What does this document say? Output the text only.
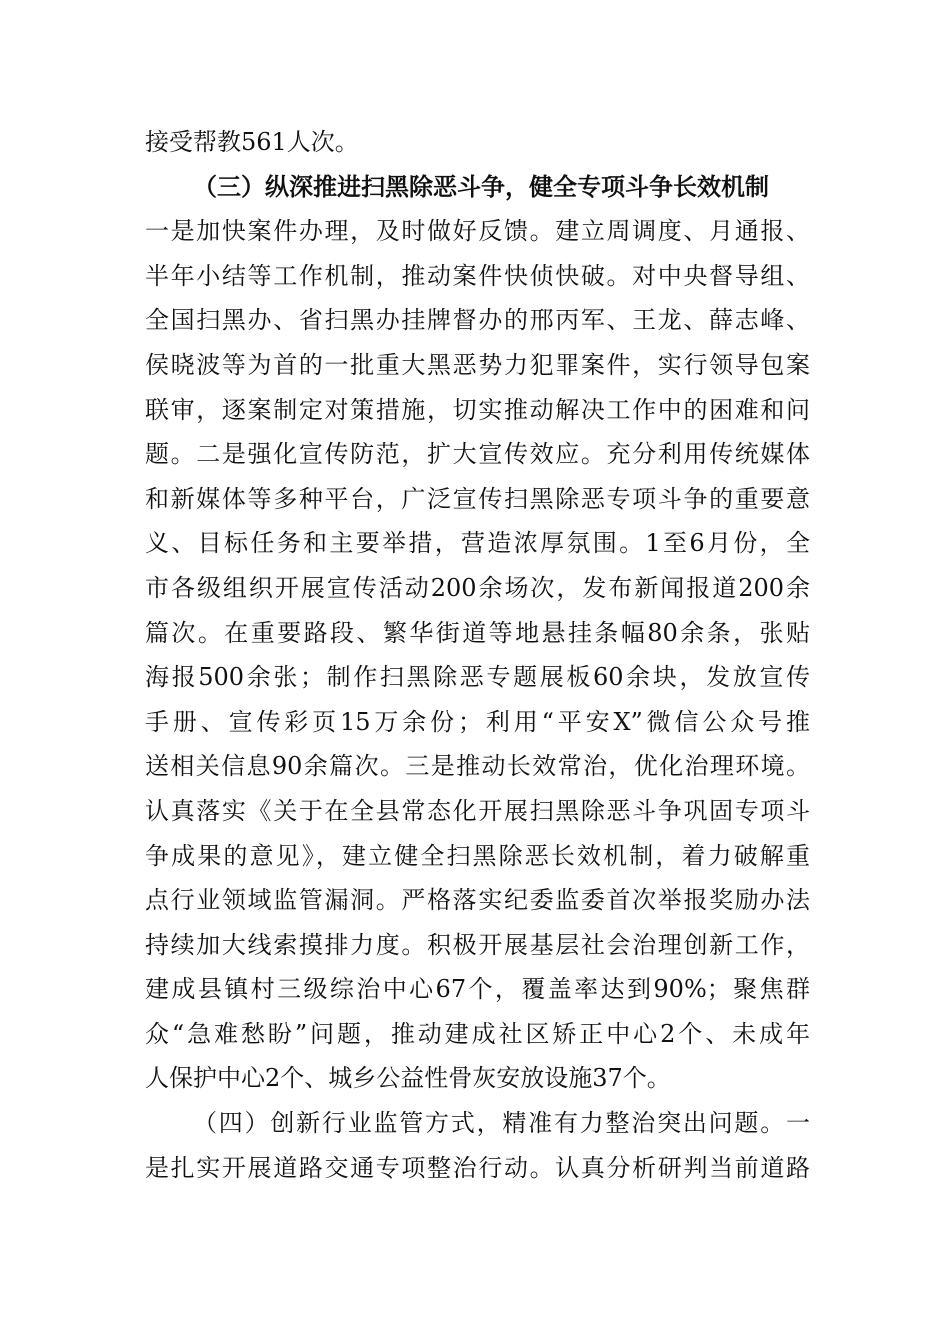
接受帮教561人次。
（三）纵深推进扫黑除恶斗争，健全专项斗争长效机制
一是加快案件办理，及时做好反馈。建立周调度、月通报、
半年小结等工作机制，推动案件快侦快破。对中央督导组、
全国扫黑办、省扫黑办挂牌督办的邢丙军、王龙、薛志峰、
侯晓波等为首的一批重大黑恶势力犯罪案件，实行领导包案
联审，逐案制定对策措施，切实推动解决工作中的困难和问
题。二是强化宣传防范，扩大宣传效应。充分利用传统媒体
和新媒体等多种平台，广泛宣传扫黑除恶专项斗争的重要意
义、目标任务和主要举措，营造浓厚氛围。1至6月份，全
市各级组织开展宣传活动200余场次，发布新闻报道200余
篇次。在重要路段、繁华街道等地悬挂条幅80余条，张贴
海报500余张；制作扫黑除恶专题展板60余块，发放宣传
手册、宣传彩页15万余份；利用“平安X”微信公众号推
送相关信息90余篇次。三是推动长效常治，优化治理环境。
认真落实《关于在全县常态化开展扫黑除恶斗争巩固专项斗
争成果的意见》，建立健全扫黑除恶长效机制，着力破解重
点行业领域监管漏洞。严格落实纪委监委首次举报奖励办法
持续加大线索摸排力度。积极开展基层社会治理创新工作，
建成县镇村三级综治中心67个，覆盖率达到90%；聚焦群
众“急难愁盼”问题，推动建成社区矫正中心2个、未成年
人保护中心2个、城乡公益性骨灰安放设施37个。
（四）创新行业监管方式，精准有力整治突出问题。一
是扎实开展道路交通专项整治行动。认真分析研判当前道路
